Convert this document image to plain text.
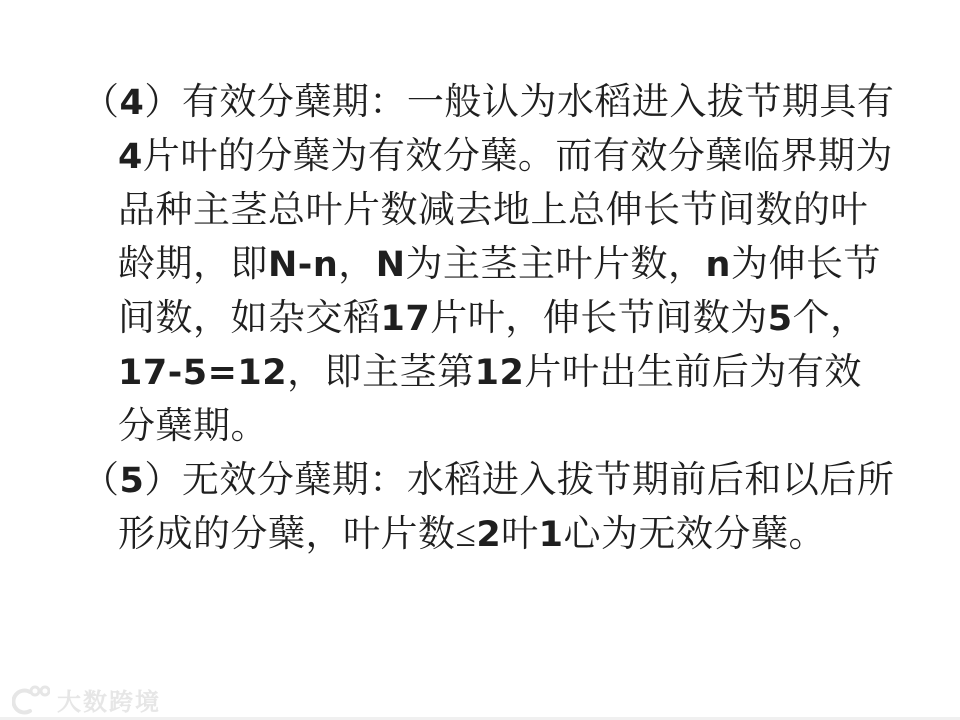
（4）有效分蘖期：一般认为水稻进入拔节期具有
4片叶的分蘖为有效分蘖。而有效分蘖临界期为
品种主茎总叶片数减去地上总伸长节间数的叶
龄期，即N-n，N为主茎主叶片数，n为伸长节
间数，如杂交稻17片叶，伸长节间数为5个，
17-5=12，即主茎第12片叶出生前后为有效
分蘖期。
（5）无效分蘖期：水稻进入拔节期前后和以后所
形成的分蘖，叶片数≤2叶1心为无效分蘖。
大数跨境
